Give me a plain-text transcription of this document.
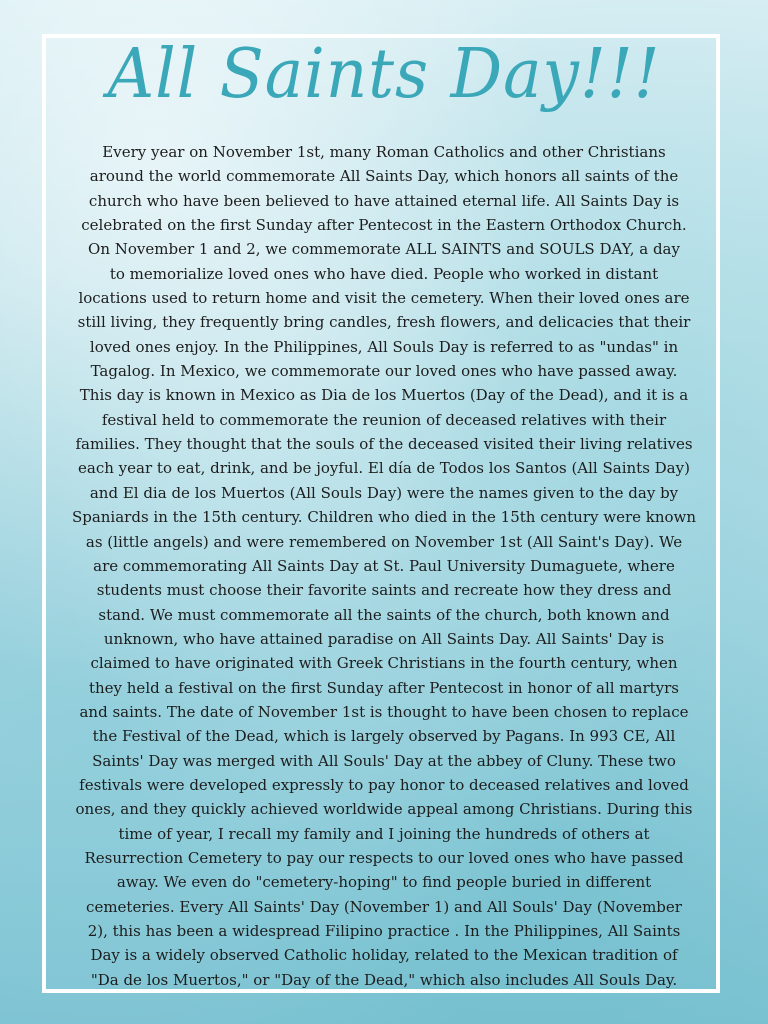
All Saints Day!!!
Every year on November 1st, many Roman Catholics and other Christians
around the world commemorate All Saints Day, which honors all saints of the
church who have been believed to have attained eternal life. All Saints Day is
celebrated on the first Sunday after Pentecost in the Eastern Orthodox Church.
On November 1 and 2, we commemorate ALL SAINTS and SOULS DAY, a day
to memorialize loved ones who have died. People who worked in distant
locations used to return home and visit the cemetery. When their loved ones are
still living, they frequently bring candles, fresh flowers, and delicacies that their
loved ones enjoy. In the Philippines, All Souls Day is referred to as "undas" in
Tagalog. In Mexico, we commemorate our loved ones who have passed away.
This day is known in Mexico as Dia de los Muertos (Day of the Dead), and it is a
festival held to commemorate the reunion of deceased relatives with their
families. They thought that the souls of the deceased visited their living relatives
each year to eat, drink, and be joyful. El día de Todos los Santos (All Saints Day)
and El dia de los Muertos (All Souls Day) were the names given to the day by
Spaniards in the 15th century. Children who died in the 15th century were known
as (little angels) and were remembered on November 1st (All Saint's Day). We
are commemorating All Saints Day at St. Paul University Dumaguete, where
students must choose their favorite saints and recreate how they dress and
stand. We must commemorate all the saints of the church, both known and
unknown, who have attained paradise on All Saints Day. All Saints' Day is
claimed to have originated with Greek Christians in the fourth century, when
they held a festival on the first Sunday after Pentecost in honor of all martyrs
and saints. The date of November 1st is thought to have been chosen to replace
the Festival of the Dead, which is largely observed by Pagans. In 993 CE, All
Saints' Day was merged with All Souls' Day at the abbey of Cluny. These two
festivals were developed expressly to pay honor to deceased relatives and loved
ones, and they quickly achieved worldwide appeal among Christians. During this
time of year, I recall my family and I joining the hundreds of others at
Resurrection Cemetery to pay our respects to our loved ones who have passed
away. We even do "cemetery-hoping" to find people buried in different
cemeteries. Every All Saints' Day (November 1) and All Souls' Day (November
2), this has been a widespread Filipino practice . In the Philippines, All Saints
Day is a widely observed Catholic holiday, related to the Mexican tradition of
"Da de los Muertos," or "Day of the Dead," which also includes All Souls Day.
